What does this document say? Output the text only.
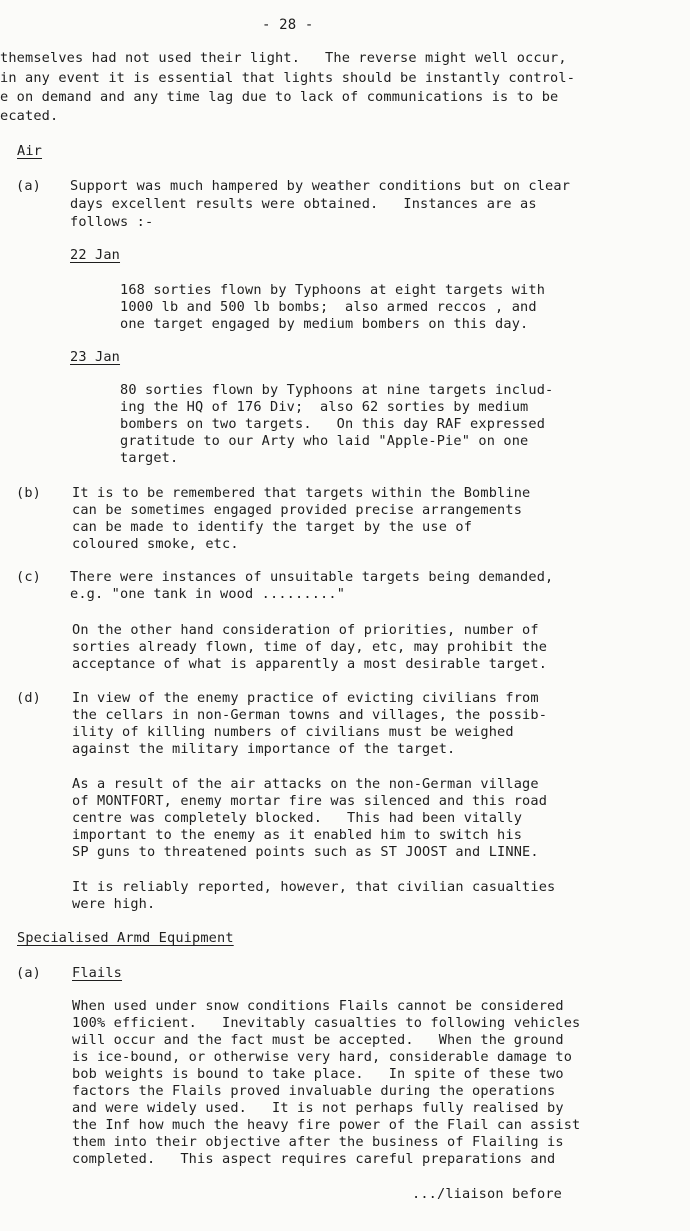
- 28 -
themselves had not used their light.   The reverse might well occur,
in any event it is essential that lights should be instantly control-
e on demand and any time lag due to lack of communications is to be
ecated.
Air
(a) Support was much hampered by weather conditions but on clear
days excellent results were obtained.   Instances are as
follows :-
22 Jan
168 sorties flown by Typhoons at eight targets with
1000 lb and 500 lb bombs;  also armed reccos , and
one target engaged by medium bombers on this day.
23 Jan
80 sorties flown by Typhoons at nine targets includ-
ing the HQ of 176 Div;  also 62 sorties by medium
bombers on two targets.   On this day RAF expressed
gratitude to our Arty who laid "Apple-Pie" on one
target.
(b) It is to be remembered that targets within the Bombline
can be sometimes engaged provided precise arrangements
can be made to identify the target by the use of
coloured smoke, etc.
(c) There were instances of unsuitable targets being demanded,
e.g. "one tank in wood ........."
On the other hand consideration of priorities, number of
sorties already flown, time of day, etc, may prohibit the
acceptance of what is apparently a most desirable target.
(d) In view of the enemy practice of evicting civilians from
the cellars in non-German towns and villages, the possib-
ility of killing numbers of civilians must be weighed
against the military importance of the target.
As a result of the air attacks on the non-German village
of MONTFORT, enemy mortar fire was silenced and this road
centre was completely blocked.   This had been vitally
important to the enemy as it enabled him to switch his
SP guns to threatened points such as ST JOOST and LINNE.
It is reliably reported, however, that civilian casualties
were high.
Specialised Armd Equipment
(a) Flails
When used under snow conditions Flails cannot be considered
100% efficient.   Inevitably casualties to following vehicles
will occur and the fact must be accepted.   When the ground
is ice-bound, or otherwise very hard, considerable damage to
bob weights is bound to take place.   In spite of these two
factors the Flails proved invaluable during the operations
and were widely used.   It is not perhaps fully realised by
the Inf how much the heavy fire power of the Flail can assist
them into their objective after the business of Flailing is
completed.   This aspect requires careful preparations and
.../liaison before
